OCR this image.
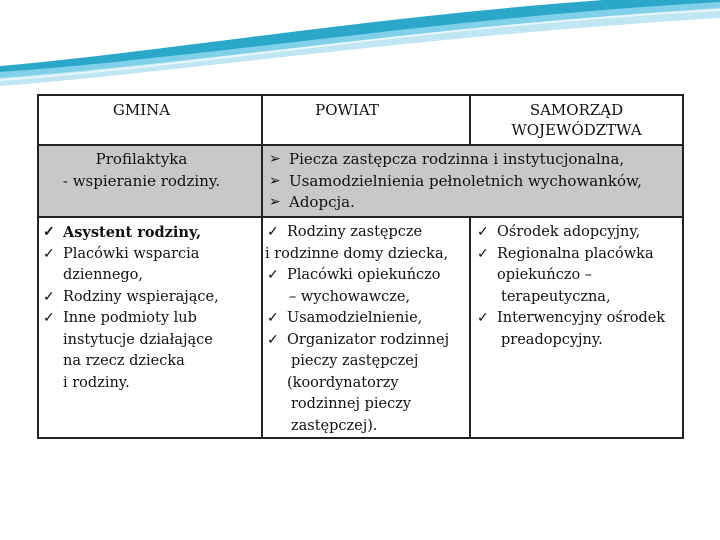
GMINA	POWIAT	SAMORZĄD
WOJEWÓDZTWA
Profilaktyka
- wspieranie rodziny.
➢ Piecza zastępcza rodzinna i instytucjonalna,
➢ Usamodzielnienia pełnoletnich wychowanków,
➢ Adopcja.
✓ Asystent rodziny,
✓ Placówki wsparcia
dziennego,
✓ Rodziny wspierające,
✓ Inne podmioty lub
instytucje działające
na rzecz dziecka
i rodziny.
✓ Rodziny zastępcze
i rodzinne domy dziecka,
✓ Placówki opiekuńczo
– wychowawcze,
✓ Usamodzielnienie,
✓ Organizator rodzinnej
pieczy zastępczej
(koordynatorzy
rodzinnej pieczy
zastępczej).
✓ Ośrodek adopcyjny,
✓ Regionalna placówka
opiekuńczo –
terapeutyczna,
✓ Interwencyjny ośrodek
preadopcyjny.
